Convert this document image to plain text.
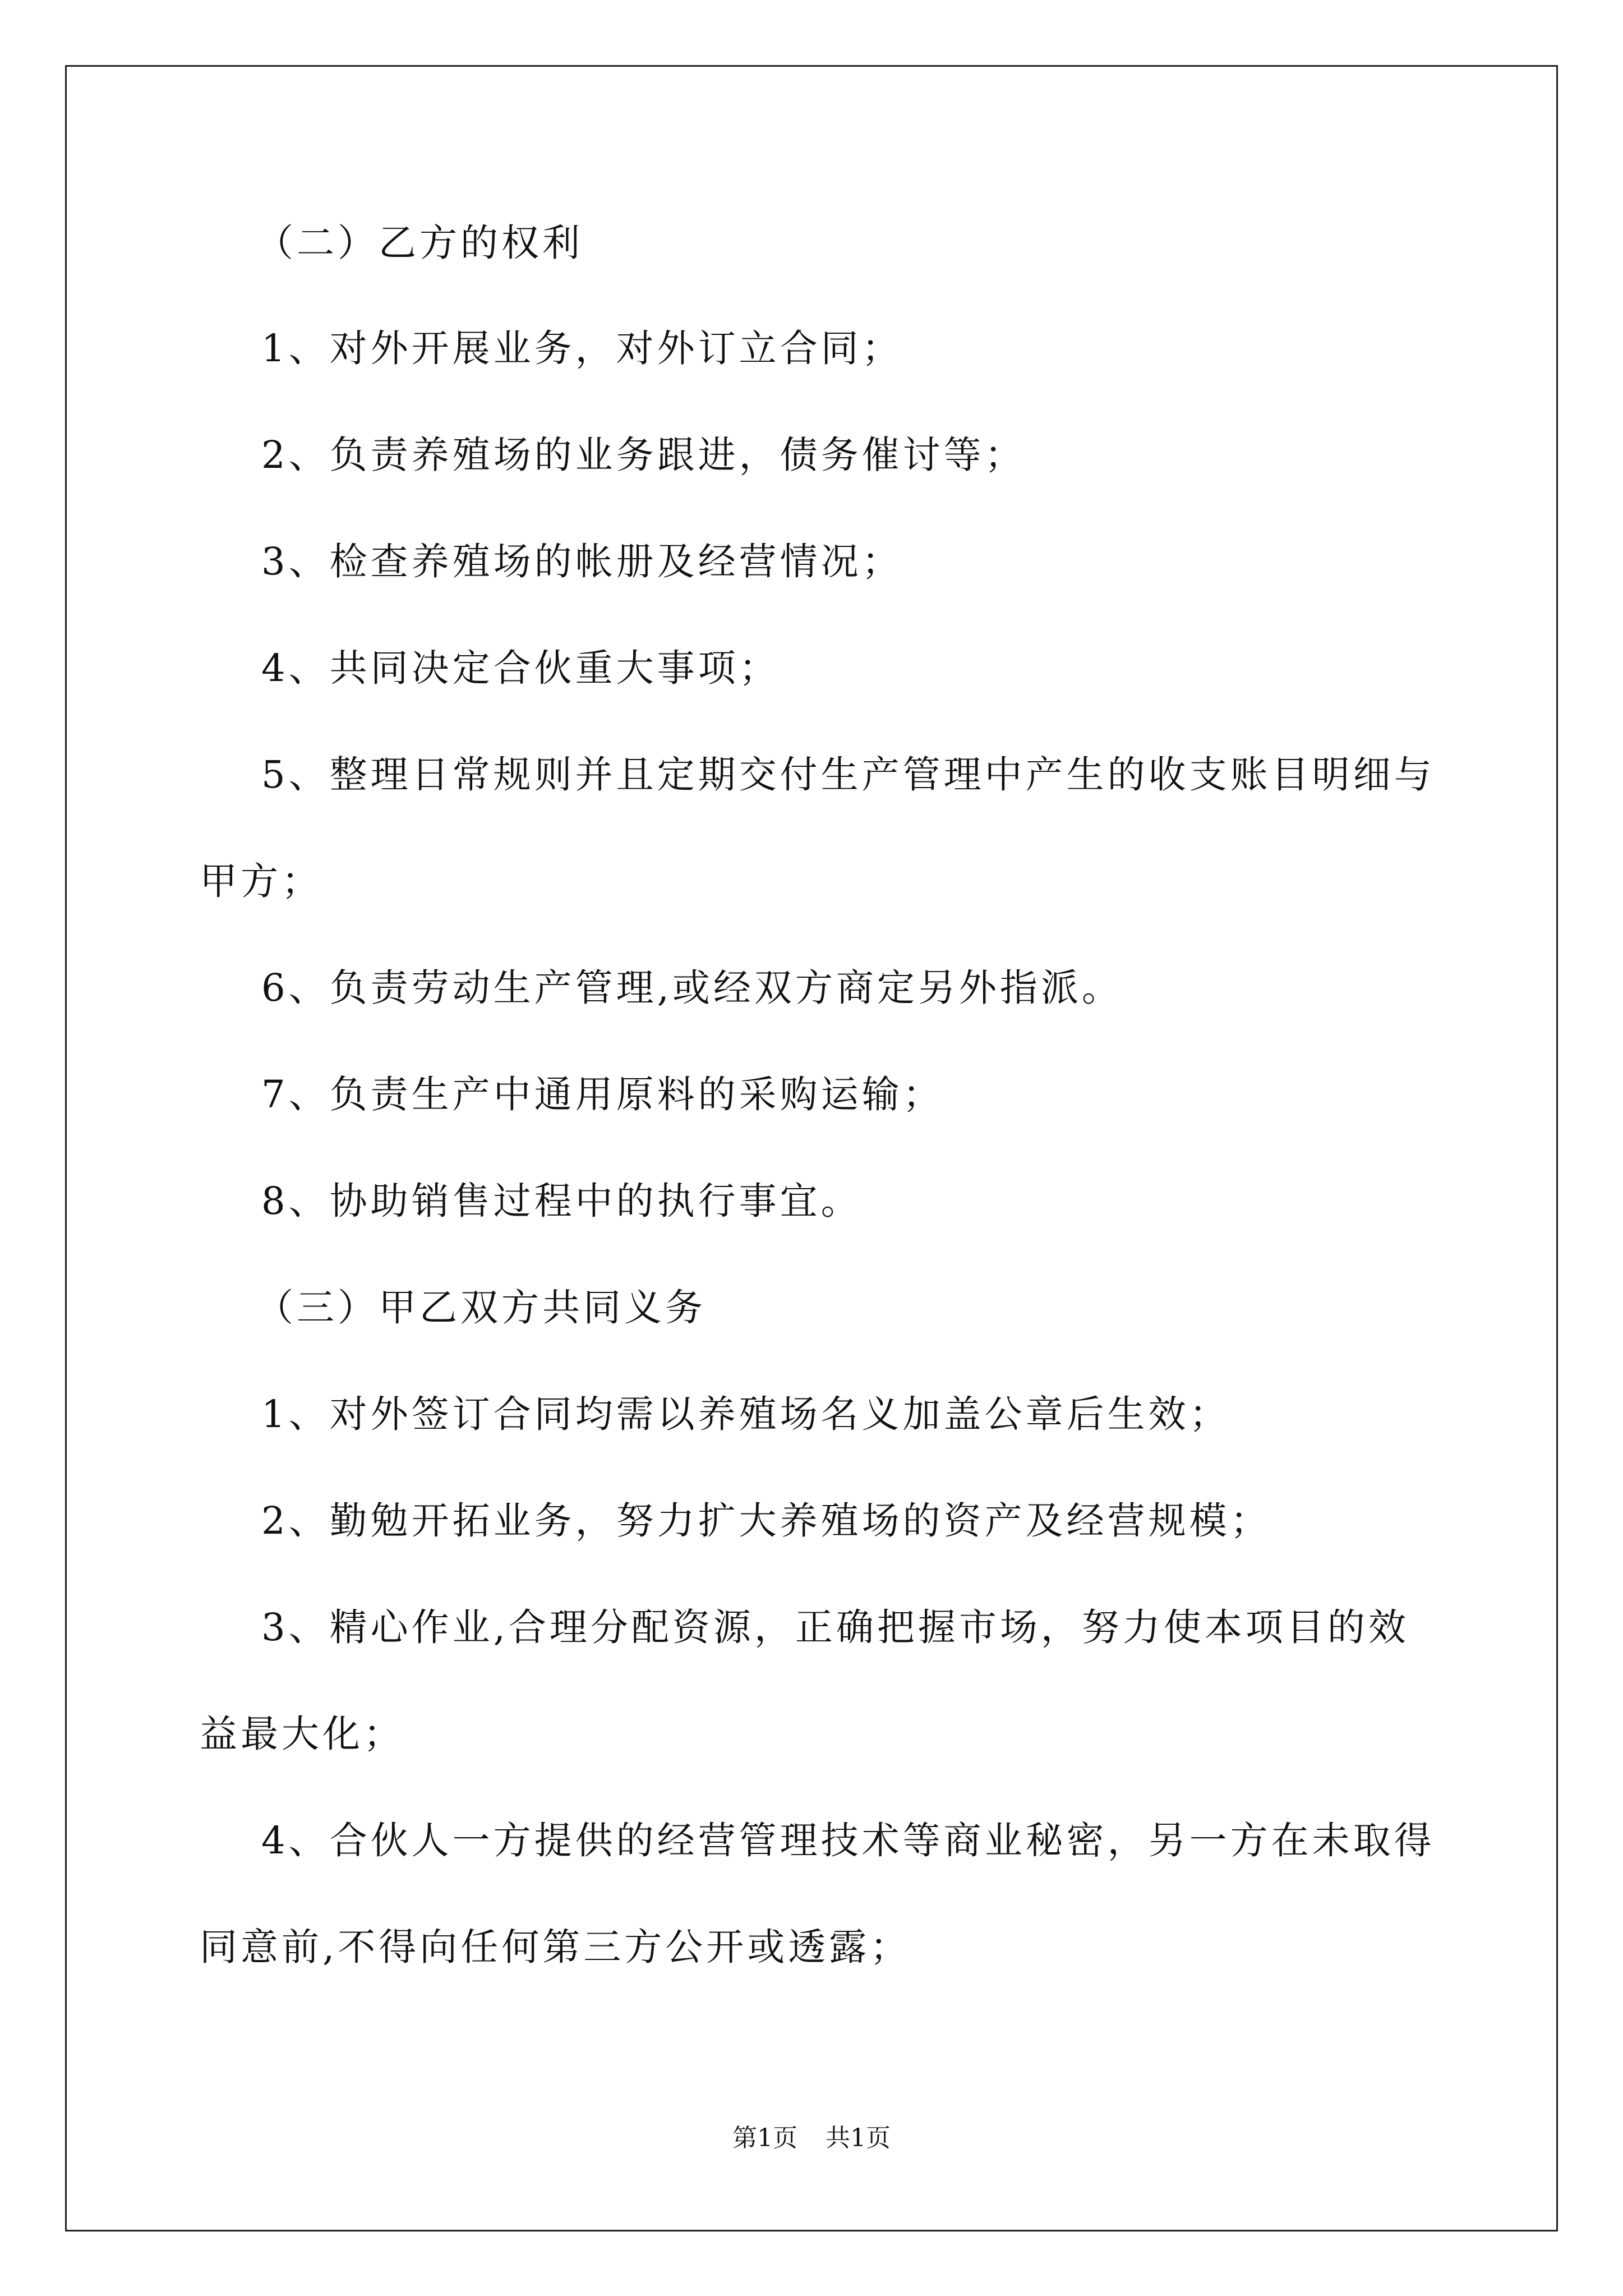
（二）乙方的权利
1、对外开展业务，对外订立合同；
2、负责养殖场的业务跟进，债务催讨等；
3、检查养殖场的帐册及经营情况；
4、共同决定合伙重大事项；
5、整理日常规则并且定期交付生产管理中产生的收支账目明细与
甲方；
6、负责劳动生产管理,或经双方商定另外指派。
7、负责生产中通用原料的采购运输；
8、协助销售过程中的执行事宜。
（三）甲乙双方共同义务
1、对外签订合同均需以养殖场名义加盖公章后生效；
2、勤勉开拓业务，努力扩大养殖场的资产及经营规模；
3、精心作业,合理分配资源，正确把握市场，努力使本项目的效
益最大化；
4、合伙人一方提供的经营管理技术等商业秘密，另一方在未取得
同意前,不得向任何第三方公开或透露；
第1页 共1页
